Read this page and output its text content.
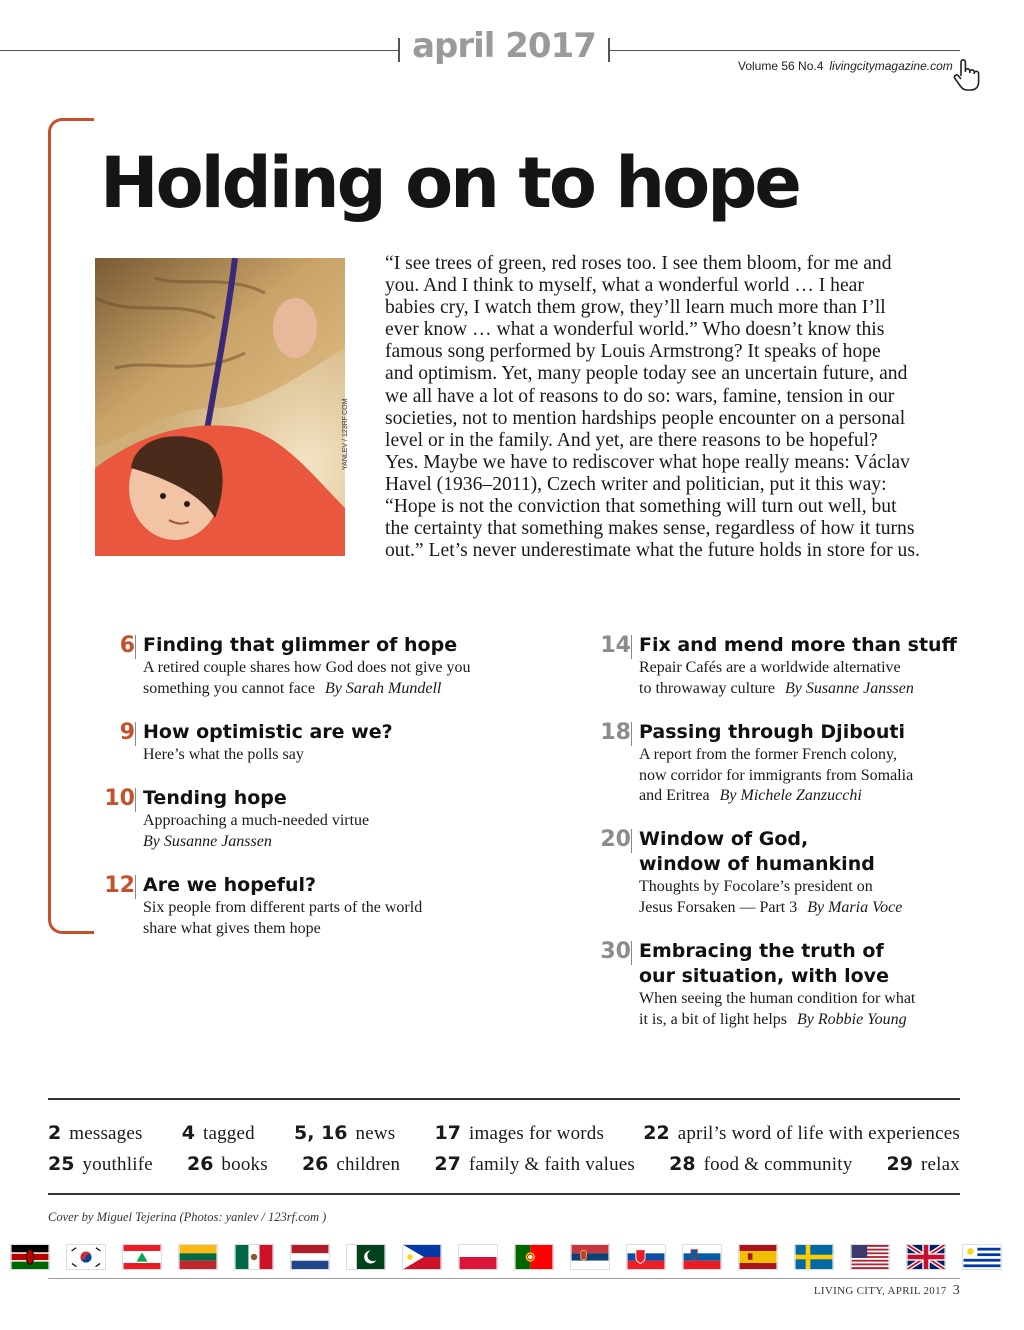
april 2017	Volume 56 No.4 livingcitymagazine.com
Holding on to hope
YANLEV / 123RF.COM
“I see trees of green, red roses too. I see them bloom, for me and
you. And I think to myself, what a wonderful world … I hear
babies cry, I watch them grow, they’ll learn much more than I’ll
ever know … what a wonderful world.” Who doesn’t know this
famous song performed by Louis Armstrong? It speaks of hope
and optimism. Yet, many people today see an uncertain future, and
we all have a lot of reasons to do so: wars, famine, tension in our
societies, not to mention hardships people encounter on a personal
level or in the family. And yet, are there reasons to be hopeful?
Yes. Maybe we have to rediscover what hope really means: Václav
Havel (1936–2011), Czech writer and politician, put it this way:
“Hope is not the conviction that something will turn out well, but
the certainty that something makes sense, regardless of how it turns
out.” Let’s never underestimate what the future holds in store for us.
6 Finding that glimmer of hope
A retired couple shares how God does not give you
something you cannot face By Sarah Mundell
9 How optimistic are we?
Here’s what the polls say
10 Tending hope
Approaching a much-needed virtue
By Susanne Janssen
12 Are we hopeful?
Six people from different parts of the world
share what gives them hope
14 Fix and mend more than stuff
Repair Cafés are a worldwide alternative
to throwaway culture By Susanne Janssen
18 Passing through Djibouti
A report from the former French colony,
now corridor for immigrants from Somalia
and Eritrea By Michele Zanzucchi
20 Window of God,
window of humankind
Thoughts by Focolare’s president on
Jesus Forsaken — Part 3 By Maria Voce
30 Embracing the truth of
our situation, with love
When seeing the human condition for what
it is, a bit of light helps By Robbie Young
2 messages 4 tagged 5, 16 news 17 images for words 22 april’s word of life with experiences
25 youthlife 26 books 26 children 27 family & faith values 28 food & community 29 relax
Cover by Miguel Tejerina (Photos: yanlev / 123rf.com )
LIVING CITY, APRIL 2017 3
